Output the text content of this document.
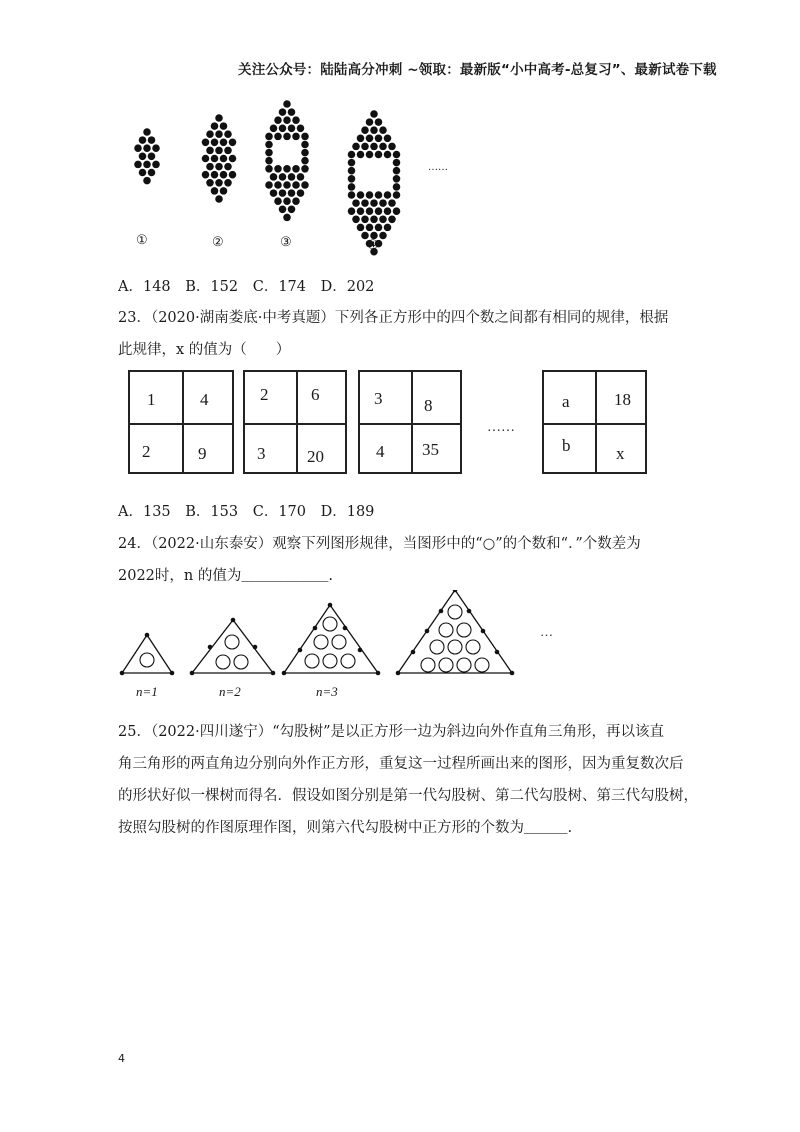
关注公众号：陆陆高分冲刺 ~领取：最新版“小中高考-总复习”、最新试卷下载
①	②	③	④
……
A．148 B．152 C．174 D．202
23．（2020·湖南娄底·中考真题）下列各正方形中的四个数之间都有相同的规律，根据
此规律，x 的值为（　　）
1	4
2	9
2	6
3 20
3 8
4 35
……
a	18
b	x
A．135 B．153 C．170 D．189
24．（2022·山东泰安）观察下列图形规律，当图形中的“○”的个数和“．”个数差为
2022时，n 的值为＿＿＿＿＿＿.
n=1	n=2	n=3
…
25．（2022·四川遂宁）“勾股树”是以正方形一边为斜边向外作直角三角形，再以该直
角三角形的两直角边分别向外作正方形，重复这一过程所画出来的图形，因为重复数次后
的形状好似一棵树而得名．假设如图分别是第一代勾股树、第二代勾股树、第三代勾股树，
按照勾股树的作图原理作图，则第六代勾股树中正方形的个数为＿＿＿.
4
